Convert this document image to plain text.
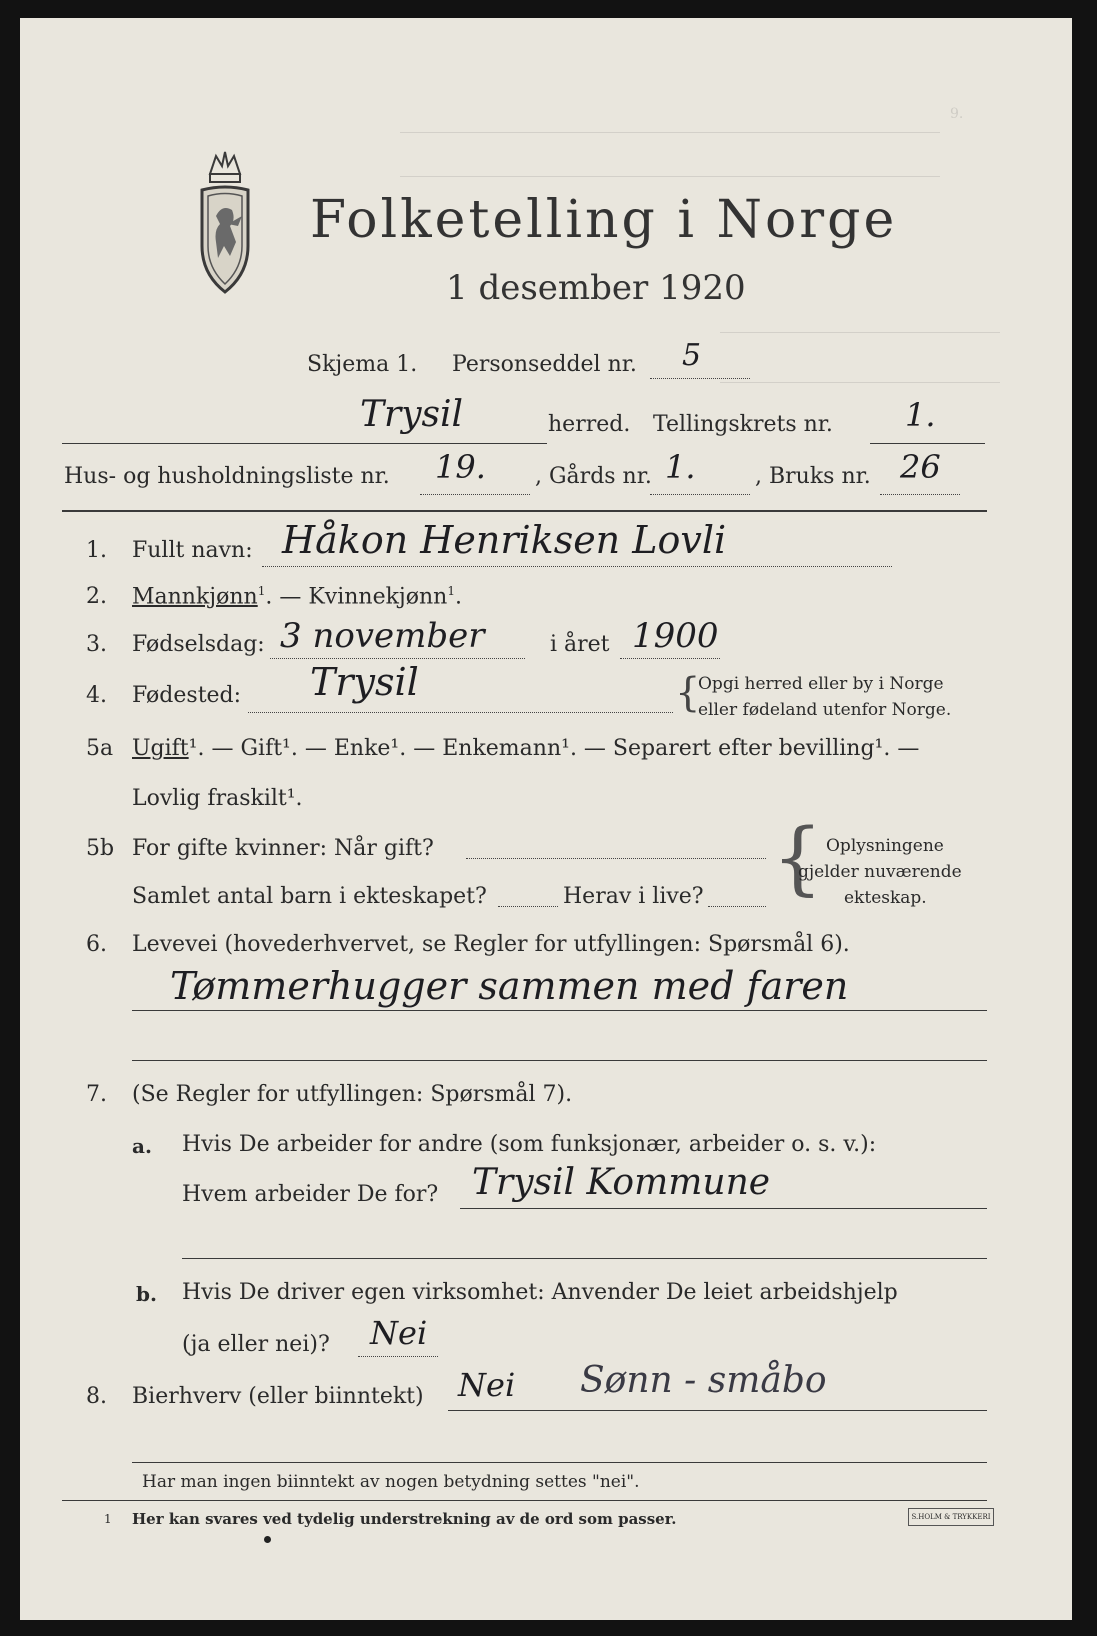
9.
Folketelling i Norge
1 desember 1920
Skjema 1. Personseddel nr. 5
Trysil	herred. Tellingskrets nr. 1.
Hus- og husholdningsliste nr. 19. , Gårds nr. 1.	, Bruks nr. 26
1. Fullt navn: Håkon Henriksen Lovli
2. Mannkjønn$^1$. — Kvinnekjønn$^1$.
3. Fødselsdag: 3 november	i året 1900
4. Fødested: Trysil	{
Opgi herred eller by i Norge
eller fødeland utenfor Norge.
5a Ugift¹. — Gift¹. — Enke¹. — Enkemann¹. — Separert efter bevilling¹. —
Lovlig fraskilt¹.
5b For gifte kvinner: Når gift?
Samlet antal barn i ekteskapet?	Herav i live? { Oplysningene
gjelder nuværende
ekteskap.
6. Levevei (hovederhvervet, se Regler for utfyllingen: Spørsmål 6).
Tømmerhugger sammen med faren
7. (Se Regler for utfyllingen: Spørsmål 7).
a. Hvis De arbeider for andre (som funksjonær, arbeider o. s. v.):
Hvem arbeider De for? Trysil Kommune
b. Hvis De driver egen virksomhet: Anvender De leiet arbeidshjelp
(ja eller nei)? Nei
8. Bierhverv (eller biinntekt) Nei Sønn - småbo
Har man ingen biinntekt av nogen betydning settes "nei".
1 Her kan svares ved tydelig understrekning av de ord som passer.	S.HOLM & TRYKKERI
